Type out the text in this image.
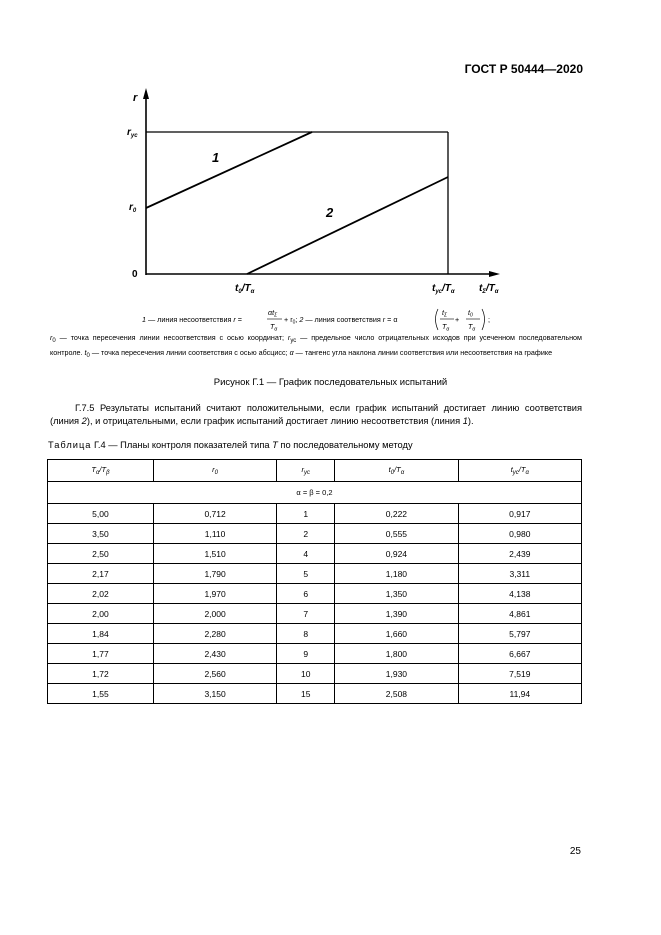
ГОСТ Р 50444—2020
r
$r_{ус}$
$r_0$
0
1
2
$t_0/T_\alpha$	$t_{ус}/T_\alpha$ $t_\Sigma/T_\alpha$
1 — линия несоответствия r =
$\alpha t_\Sigma$
$T_\alpha$
+ $r_0$; 2 — линия соответствия r = α
$t_\Sigma$
$T_\alpha$
+
$t_0$
$T_\alpha$
;
$r_0$ — точка пересечения линии несоответствия с осью координат; $r_{ус}$ — предельное число отрицательных исходов при усеченном последовательном контроле. $t_0$ — точка пересечения линии соответствия с осью абсцисс; α — тангенс угла наклона линии соответствия или несоответствия на графике
Рисунок Г.1 — График последовательных испытаний
Г.7.5 Результаты испытаний считают положительными, если график испытаний достигает линию соответствия (линия 2), и отрицательными, если график испытаний достигает линию несоответствия (линия 1).
Таблица Г.4 — Планы контроля показателей типа T по последовательному методу
$T_\alpha/T_\beta$	$r_0$	$r_{ус}$	$t_0/T_\alpha$	$t_{ус}/T_\alpha$
α = β = 0,2				
5,00	0,712	1	0,222	0,917
3,50	1,110	2	0,555	0,980
2,50	1,510	4	0,924	2,439
2,17	1,790	5	1,180	3,311
2,02	1,970	6	1,350	4,138
2,00	2,000	7	1,390	4,861
1,84	2,280	8	1,660	5,797
1,77	2,430	9	1,800	6,667
1,72	2,560	10	1,930	7,519
1,55	3,150	15	2,508	11,94
25
